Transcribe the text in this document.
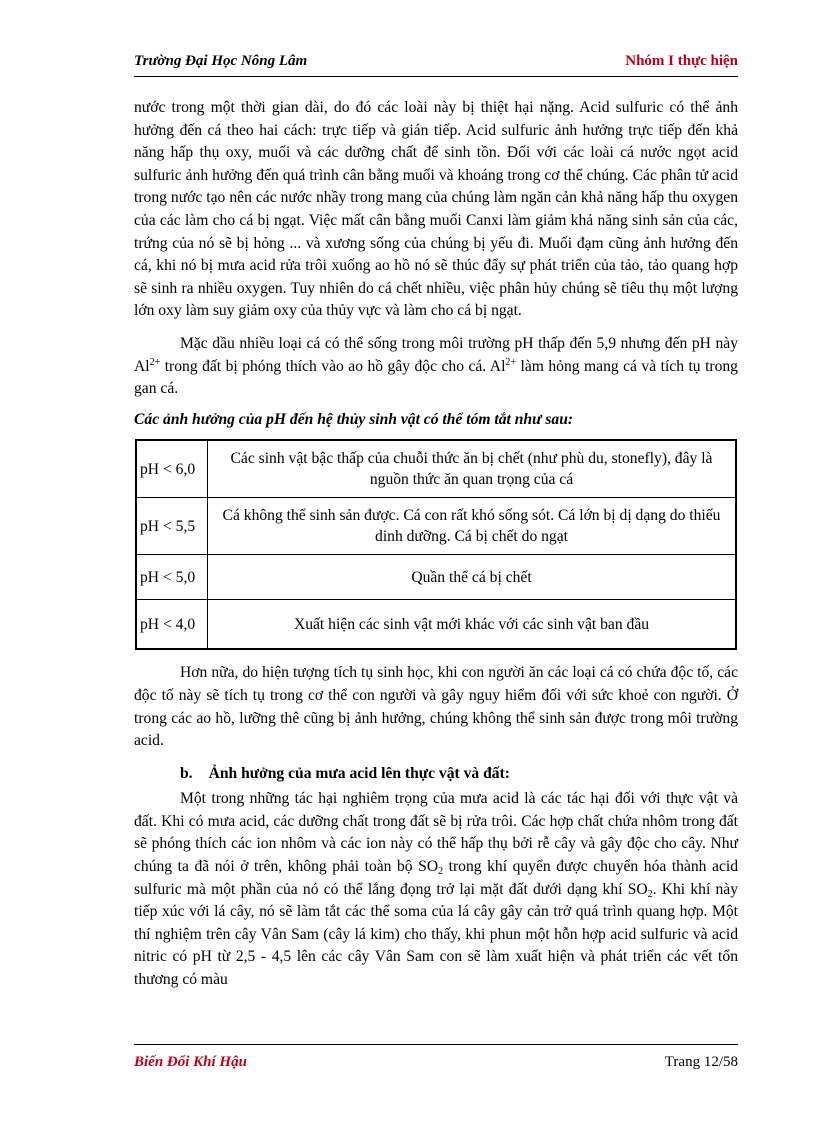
Trường Đại Học Nông Lâm	Nhóm I thực hiện

nước trong một thời gian dài, do đó các loài này bị thiệt hại nặng. Acid sulfuric có thể ảnh hưởng đến cá theo hai cách: trực tiếp và gián tiếp. Acid sulfuric ảnh hưởng trực tiếp đến khả năng hấp thụ oxy, muối và các dưỡng chất để sinh tồn. Đối với các loài cá nước ngọt acid sulfuric ảnh hưởng đến quá trình cân bằng muối và khoáng trong cơ thể chúng. Các phân tử acid trong nước tạo nên các nước nhầy trong mang của chúng làm ngăn cản khả năng hấp thu oxygen của các làm cho cá bị ngạt. Việc mất cân bằng muối Canxi làm giảm khả năng sinh sản của các, trứng của nó sẽ bị hỏng ... và xương sống của chúng bị yếu đi. Muối đạm cũng ảnh hưởng đến cá, khi nó bị mưa acid rửa trôi xuống ao hồ nó sẽ thúc đẩy sự phát triển của tảo, tảo quang hợp sẽ sinh ra nhiều oxygen. Tuy nhiên do cá chết nhiều, việc phân hủy chúng sẽ tiêu thụ một lượng lớn oxy làm suy giảm oxy của thủy vực và làm cho cá bị ngạt.

Mặc dầu nhiều loại cá có thể sống trong môi trường pH thấp đến 5,9 nhưng đến pH này $Al^{2+}$ trong đất bị phóng thích vào ao hồ gây độc cho cá. $Al^{2+}$ làm hỏng mang cá và tích tụ trong gan cá.

Các ảnh hưởng của pH đến hệ thủy sinh vật có thể tóm tắt như sau:

pH < 6,0	Các sinh vật bậc thấp của chuỗi thức ăn bị chết (như phù du, stonefly), đây là nguồn thức ăn quan trọng của cá
pH < 5,5	Cá không thể sinh sản được. Cá con rất khó sống sót. Cá lớn bị dị dạng do thiếu dinh dưỡng. Cá bị chết do ngạt
pH < 5,0	Quần thể cá bị chết
pH < 4,0	Xuất hiện các sinh vật mới khác với các sinh vật ban đầu

Hơn nữa, do hiện tượng tích tụ sinh học, khi con người ăn các loại cá có chứa độc tố, các độc tố này sẽ tích tụ trong cơ thể con người và gây nguy hiểm đối với sức khoẻ con người. Ở trong các ao hồ, lưỡng thê cũng bị ảnh hưởng, chúng không thể sinh sản được trong môi trường acid.

b. Ảnh hưởng của mưa acid lên thực vật và đất:

Một trong những tác hại nghiêm trọng của mưa acid là các tác hại đối với thực vật và đất. Khi có mưa acid, các dưỡng chất trong đất sẽ bị rửa trôi. Các hợp chất chứa nhôm trong đất sẽ phóng thích các ion nhôm và các ion này có thể hấp thụ bởi rễ cây và gây độc cho cây. Như chúng ta đã nói ở trên, không phải toàn bộ $SO_2$ trong khí quyển được chuyển hóa thành acid sulfuric mà một phần của nó có thể lắng đọng trở lại mặt đất dưới dạng khí $SO_2$. Khi khí này tiếp xúc với lá cây, nó sẽ làm tắt các thể soma của lá cây gây cản trở quá trình quang hợp. Một thí nghiệm trên cây Vân Sam (cây lá kim) cho thấy, khi phun một hỗn hợp acid sulfuric và acid nitric có pH từ 2,5 - 4,5 lên các cây Vân Sam con sẽ làm xuất hiện và phát triển các vết tổn thương có màu

Biến Đổi Khí Hậu	Trang 12/58
